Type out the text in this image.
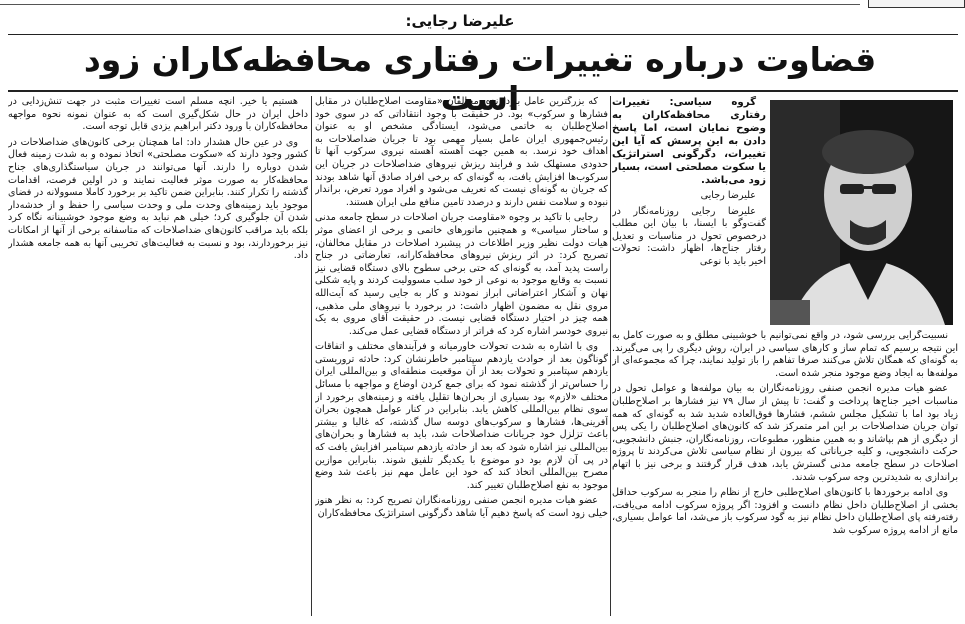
علیرضا رجایی:
قضاوت درباره تغییرات رفتاری محافظه‌کاران زود است	گروه سیاسی: تغییرات رفتاری محافظه‌کاران به وضوح نمایان است، اما پاسخ دادن به این پرسش که آیا این تغییرات، دگرگونی استراتژیک یا سکوت مصلحتی است، بسیار زود می‌باشد.

علیرضا رجایی

علیرضا رجایی روزنامه‌نگار در گفت‌وگو با ایسنا، با بیان این مطلب درخصوص تحول در مناسبات و تعدیل رفتار جناح‌ها، اظهار داشت: تحولات اخیر باید با نوعی

نسبیت‌گرایی بررسی شود، در واقع نمی‌توانیم با خوشبینی مطلق و به صورت کامل به این نتیجه برسیم که تمام ساز و کارهای سیاسی در ایران، روش دیگری را پی می‌گیرند. به گونه‌ای که همگان تلاش می‌کنند صرفا تفاهم را باز تولید نمایند، چرا که مجموعه‌ای از مولفه‌ها به ایجاد وضع موجود منجر شده است.

عضو هیات مدیره انجمن صنفی روزنامه‌نگاران به بیان مولفه‌ها و عوامل تحول در مناسبات اخیر جناح‌ها پرداخت و گفت: تا پیش از سال ۷۹ نیز فشارها بر اصلاح‌طلبان زیاد بود اما با تشکیل مجلس ششم، فشارها فوق‌العاده شدید شد به گونه‌ای که همه توان جریان ضداصلاحات بر این امر متمرکز شد که کانون‌های اصلاح‌طلبان را یکی پس از دیگری از هم بپاشاند و به همین منظور، مطبوعات، روزنامه‌نگاران، جنبش دانشجویی، حرکت دانشجویی، و کلیه جریاناتی که بیرون از نظام سیاسی تلاش می‌کردند تا پروژه اصلاحات در سطح جامعه مدنی گسترش یابد، هدف قرار گرفتند و برخی نیز با اتهام براندازی به شدیدترین وجه سرکوب شدند.

وی ادامه برخوردها با کانون‌های اصلاح‌طلبی خارج از نظام را منجر به سرکوب حداقل بخشی از اصلاح‌طلبان داخل نظام دانست و افزود: اگر پروژه سرکوب ادامه می‌یافت، رفته‌رفته پای اصلاح‌طلبان داخل نظام نیز به گود سرکوب باز می‌شد، اما عوامل بسیاری، مانع از ادامه پروژه سرکوب شد

که بزرگترین عامل بازدارنده، مخالفان «مقاومت اصلاح‌طلبان در مقابل فشارها و سرکوب» بود. در حقیقت با وجود انتقاداتی که در سوی خود اصلاح‌طلبان به خاتمی می‌شود، ایستادگی مشخص او به عنوان رئیس‌جمهوری ایران عامل بسیار مهمی بود تا جریان ضداصلاحات به اهداف خود نرسد. به همین جهت آهسته آهسته نیروی سرکوب آنها تا حدودی مستهلک شد و فرایند ریزش نیروهای ضداصلاحات در جریان این سرکوب‌ها افزایش یافت، به گونه‌ای که برخی افراد صادق آنها شاهد بودند که جریان به گونه‌ای نیست که تعریف می‌شود و افراد مورد تعرض، براندار نبوده و سلامت نفس دارند و درصدد تامین منافع ملی ایران هستند.

رجایی با تاکید بر وجوه «مقاومت جریان اصلاحات در سطح جامعه مدنی و ساختار سیاسی» و همچنین مانورهای خاتمی و برخی از اعضای موثر هیات دولت نظیر وزیر اطلاعات در پیشبرد اصلاحات در مقابل مخالفان، تصریح کرد: در اثر ریزش نیروهای محافظه‌کارانه، تعارضاتی در جناح راست پدید آمد، به گونه‌ای که حتی برخی سطوح بالای دستگاه قضایی نیز نسبت به وقایع موجود به نوعی از خود سلب مسوولیت کردند و پایه شکلی نهان و آشکار اعتراضاتی ابراز نمودند و کار به جایی رسید که آیت‌الله مروی نقل به مضمون اظهار داشت: در برخورد با نیروهای ملی مذهبی، همه چیز در اختیار دستگاه قضایی نیست. در حقیقت آقای مروی به یک نیروی خودسر اشاره کرد که فراتر از دستگاه قضایی عمل می‌کند.

وی با اشاره به شدت تحولات خاورمیانه و فرآیندهای مختلف و اتفاقات گوناگون بعد از حوادث یازدهم سپتامبر خاطرنشان کرد: حادثه تروریستی یازدهم سپتامبر و تحولات بعد از آن موقعیت منطقه‌ای و بین‌المللی ایران را حساس‌تر از گذشته نمود که برای جمع کردن اوضاع و مواجهه با مسائل مختلف «لازم» بود بسیاری از بحران‌ها تقلیل یافته و زمینه‌های برخورد از سوی نظام بین‌المللی کاهش یابد. بنابراین در کنار عوامل همچون بحران آفرینی‌ها، فشارها و سرکوب‌های دوسه سال گذشته، که غالبا و بیشتر باعث تزلزل خود جریانات ضداصلاحات شد، باید به فشارها و بحران‌های بین‌المللی نیز اشاره شود که بعد از حادثه یازدهم سپتامبر افزایش یافت که در پی آن لازم بود دو موضوع با یکدیگر تلفیق شوند. بنابراین موازین مصرح بین‌المللی اتخاذ کند که خود این عامل مهم نیز باعث شد وضع موجود به نفع اصلاح‌طلبان تغییر کند.

عضو هیات مدیره انجمن صنفی روزنامه‌نگاران تصریح کرد: به نظر هنوز خیلی زود است که پاسخ دهیم آیا شاهد دگرگونی استراتژیک محافظه‌کاران

هستیم یا خیر. آنچه مسلم است تغییرات مثبت در جهت تنش‌زدایی در داخل ایران در حال شکل‌گیری است که به عنوان نمونه نحوه مواجهه محافظه‌کاران با ورود دکتر ابراهیم یزدی قابل توجه است.

وی در عین حال هشدار داد: اما همچنان برخی کانون‌های ضداصلاحات در کشور وجود دارند که «سکوت مصلحتی» اتخاذ نموده و به شدت زمینه فعال شدن دوباره را دارند. آنها می‌توانند در جریان سیاستگذاری‌های جناح محافظه‌کار به صورت موثر فعالیت نمایند و در اولین فرصت، اقدامات گذشته را تکرار کنند. بنابراین ضمن تاکید بر برخورد کاملا مسوولانه در فضای موجود باید زمینه‌های وحدت ملی و وحدت سیاسی را حفظ و از خدشه‌دار شدن آن جلوگیری کرد؛ خیلی هم نباید به وضع موجود خوشبینانه نگاه کرد بلکه باید مراقب کانون‌های ضداصلاحات که متاسفانه برخی از آنها از امکانات نیز برخوردارند، بود و نسبت به فعالیت‌های تخریبی آنها به همه جامعه هشدار داد.
